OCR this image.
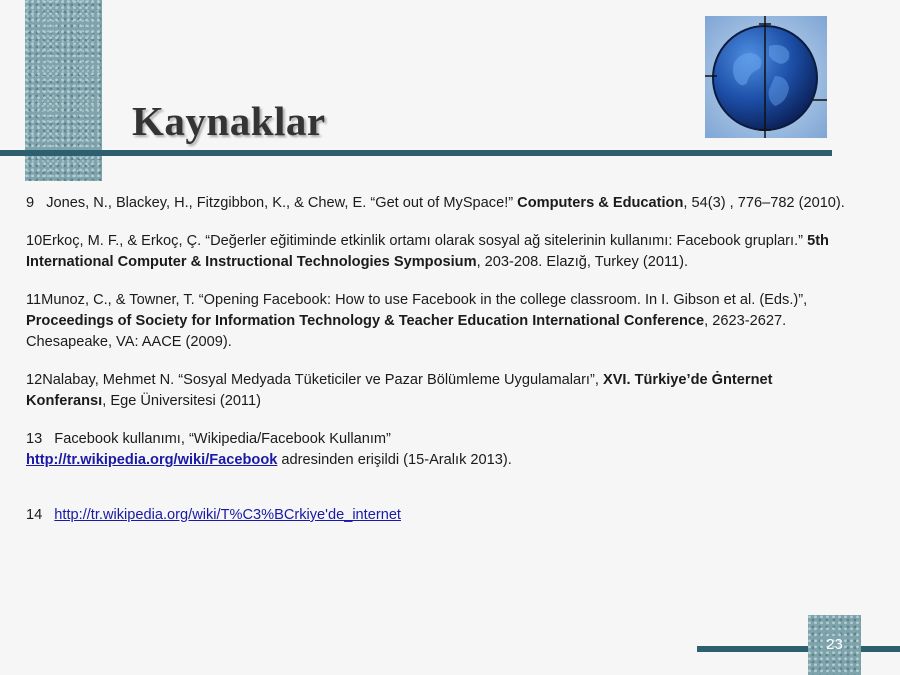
Kaynaklar

9 Jones, N., Blackey, H., Fitzgibbon, K., & Chew, E. “Get out of MySpace!” Computers & Education, 54(3) , 776–782 (2010).

10Erkoç, M. F., & Erkoç, Ç. “Değerler eğitiminde etkinlik ortamı olarak sosyal ağ sitelerinin kullanımı: Facebook grupları.” 5th International Computer & Instructional Technologies Symposium, 203-208. Elazığ, Turkey (2011).

11Munoz, C., & Towner, T. “Opening Facebook: How to use Facebook in the college classroom. In I. Gibson et al. (Eds.)”, Proceedings of Society for Information Technology & Teacher Education International Conference, 2623-2627. Chesapeake, VA: AACE (2009).

12Nalabay, Mehmet N. “Sosyal Medyada Tüketiciler ve Pazar Bölümleme Uygulamaları”, XVI. Türkiye’de Ġnternet Konferansı, Ege Üniversitesi (2011)

13 Facebook kullanımı, “Wikipedia/Facebook Kullanım”
http://tr.wikipedia.org/wiki/Facebook adresinden erişildi (15-Aralık 2013).

14 http://tr.wikipedia.org/wiki/T%C3%BCrkiye'de_internet

23
